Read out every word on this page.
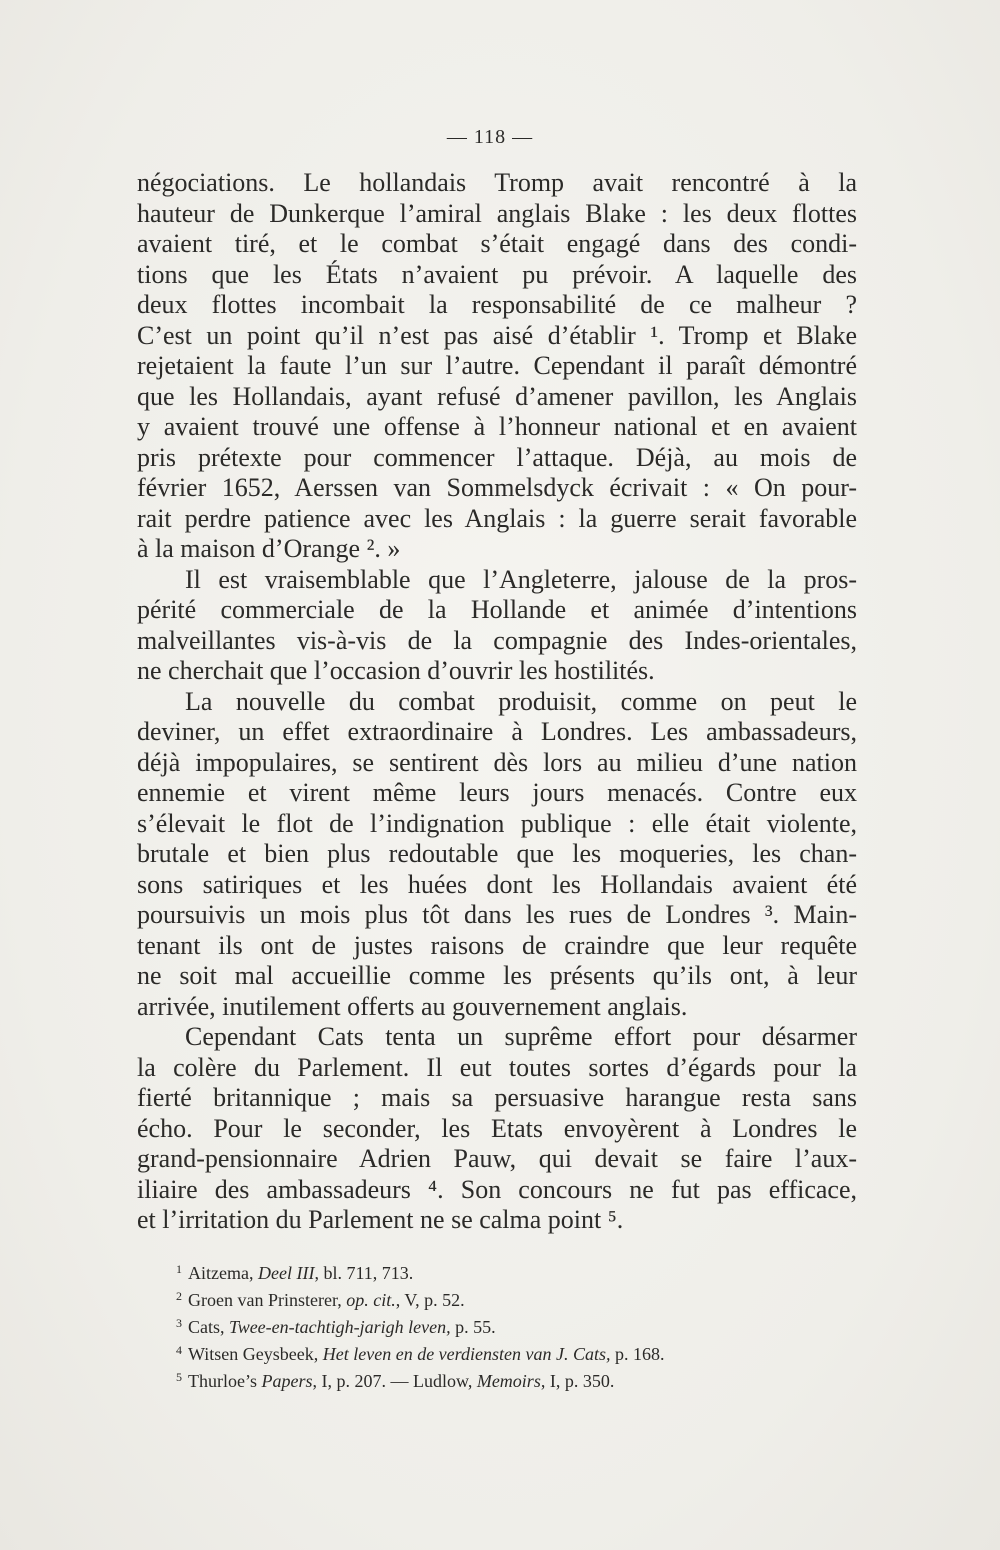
— 118 —
négociations. Le hollandais Tromp avait rencontré à la
hauteur de Dunkerque l’amiral anglais Blake : les deux flottes
avaient tiré, et le combat s’était engagé dans des condi-
tions que les États n’avaient pu prévoir. A laquelle des
deux flottes incombait la responsabilité de ce malheur ?
C’est un point qu’il n’est pas aisé d’établir ¹. Tromp et Blake
rejetaient la faute l’un sur l’autre. Cependant il paraît démontré
que les Hollandais, ayant refusé d’amener pavillon, les Anglais
y avaient trouvé une offense à l’honneur national et en avaient
pris prétexte pour commencer l’attaque. Déjà, au mois de
février 1652, Aerssen van Sommelsdyck écrivait : « On pour-
rait perdre patience avec les Anglais : la guerre serait favorable
à la maison d’Orange ². »
Il est vraisemblable que l’Angleterre, jalouse de la pros-
périté commerciale de la Hollande et animée d’intentions
malveillantes vis-à-vis de la compagnie des Indes-orientales,
ne cherchait que l’occasion d’ouvrir les hostilités.
La nouvelle du combat produisit, comme on peut le
deviner, un effet extraordinaire à Londres. Les ambassadeurs,
déjà impopulaires, se sentirent dès lors au milieu d’une nation
ennemie et virent même leurs jours menacés. Contre eux
s’élevait le flot de l’indignation publique : elle était violente,
brutale et bien plus redoutable que les moqueries, les chan-
sons satiriques et les huées dont les Hollandais avaient été
poursuivis un mois plus tôt dans les rues de Londres ³. Main-
tenant ils ont de justes raisons de craindre que leur requête
ne soit mal accueillie comme les présents qu’ils ont, à leur
arrivée, inutilement offerts au gouvernement anglais.
Cependant Cats tenta un suprême effort pour désarmer
la colère du Parlement. Il eut toutes sortes d’égards pour la
fierté britannique ; mais sa persuasive harangue resta sans
écho. Pour le seconder, les Etats envoyèrent à Londres le
grand-pensionnaire Adrien Pauw, qui devait se faire l’aux-
iliaire des ambassadeurs ⁴. Son concours ne fut pas efficace,
et l’irritation du Parlement ne se calma point ⁵.
1 Aitzema, Deel III, bl. 711, 713.
2 Groen van Prinsterer, op. cit., V, p. 52.
3 Cats, Twee-en-tachtigh-jarigh leven, p. 55.
4 Witsen Geysbeek, Het leven en de verdiensten van J. Cats, p. 168.
5 Thurloe’s Papers, I, p. 207. — Ludlow, Memoirs, I, p. 350.
